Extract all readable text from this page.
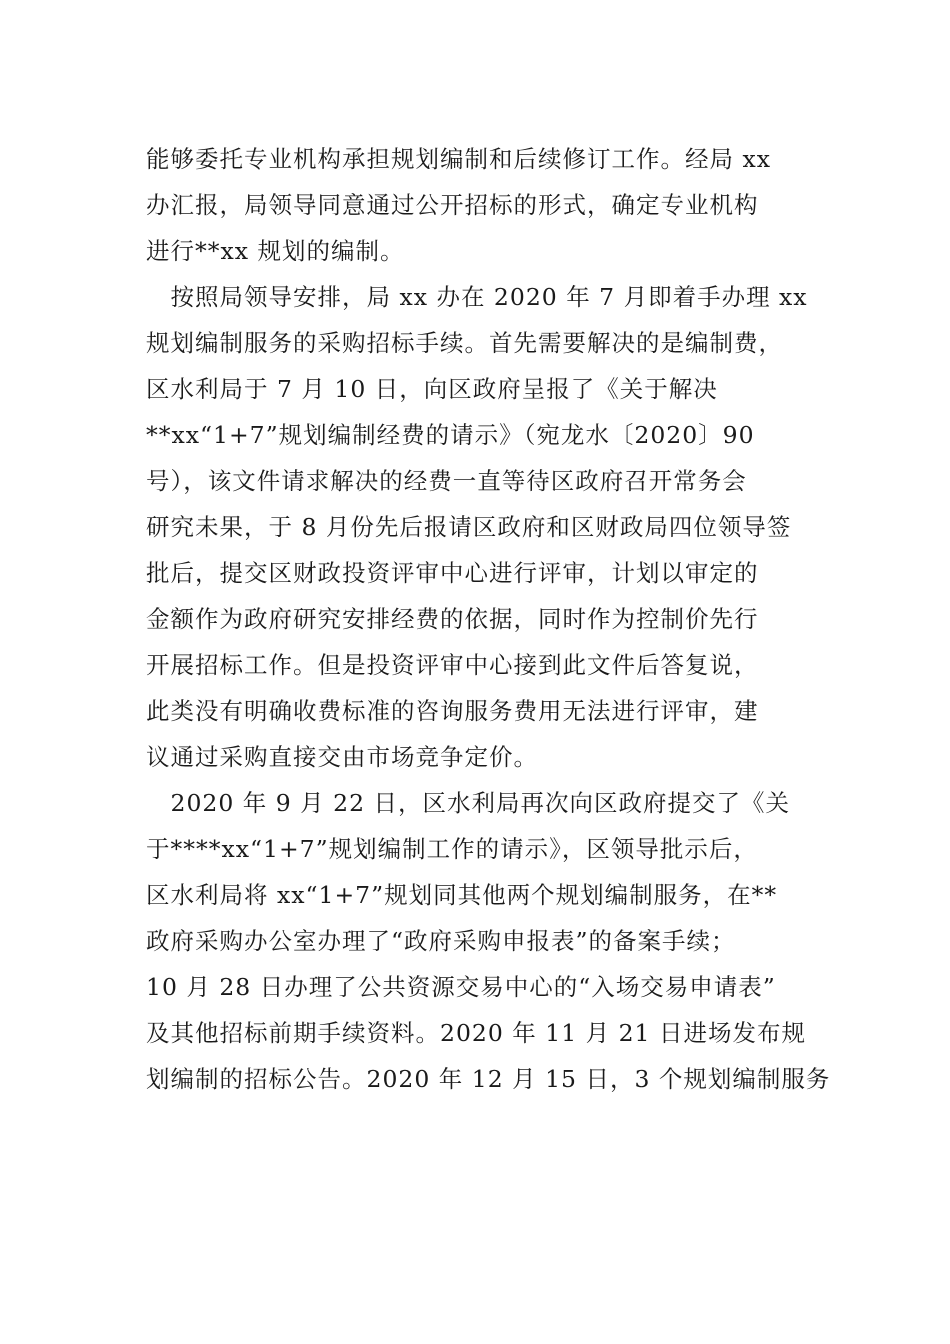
能够委托专业机构承担规划编制和后续修订工作。经局 xx
办汇报，局领导同意通过公开招标的形式，确定专业机构
进行**xx 规划的编制。
　按照局领导安排，局 xx 办在 2020 年 7 月即着手办理 xx
规划编制服务的采购招标手续。首先需要解决的是编制费，
区水利局于 7 月 10 日，向区政府呈报了《关于解决
**xx“1+7”规划编制经费的请示》（宛龙水〔2020〕90
号），该文件请求解决的经费一直等待区政府召开常务会
研究未果，于 8 月份先后报请区政府和区财政局四位领导签
批后，提交区财政投资评审中心进行评审，计划以审定的
金额作为政府研究安排经费的依据，同时作为控制价先行
开展招标工作。但是投资评审中心接到此文件后答复说，
此类没有明确收费标准的咨询服务费用无法进行评审，建
议通过采购直接交由市场竞争定价。
　2020 年 9 月 22 日，区水利局再次向区政府提交了《关
于****xx“1+7”规划编制工作的请示》，区领导批示后，
区水利局将 xx“1+7”规划同其他两个规划编制服务，在**
政府采购办公室办理了“政府采购申报表”的备案手续；
10 月 28 日办理了公共资源交易中心的“入场交易申请表”
及其他招标前期手续资料。2020 年 11 月 21 日进场发布规
划编制的招标公告。2020 年 12 月 15 日，3 个规划编制服务
